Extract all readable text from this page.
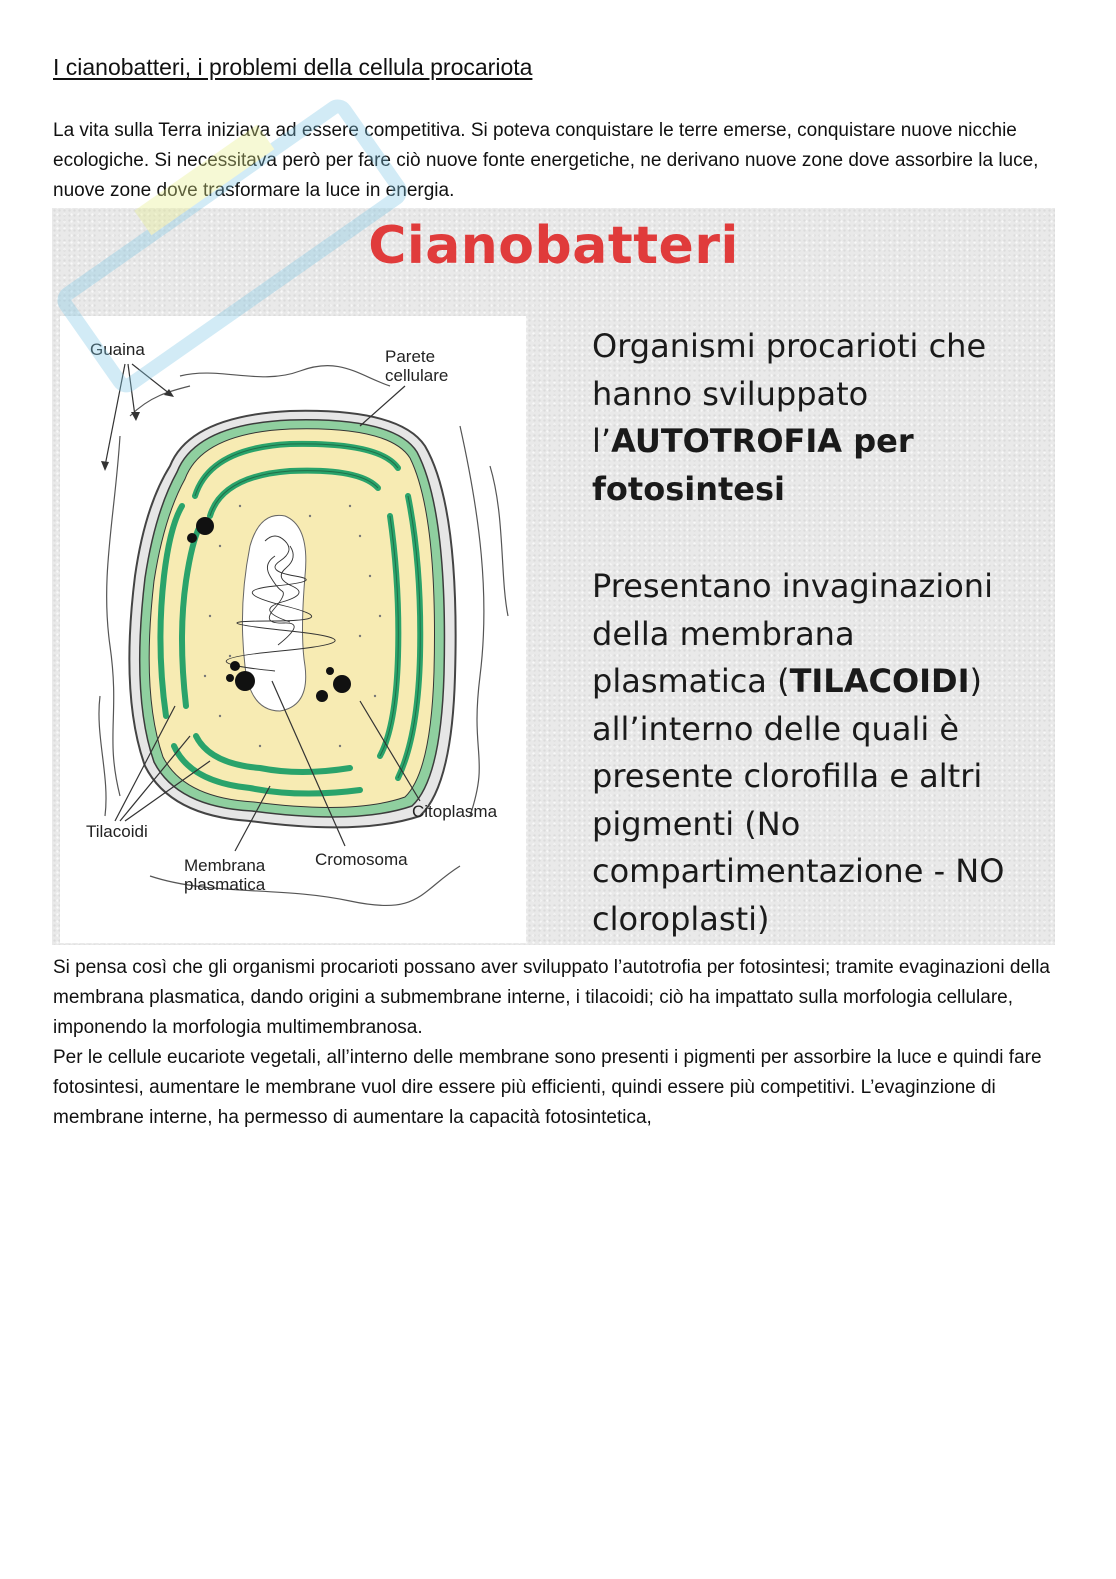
I cianobatteri, i problemi della cellula procariota

La vita sulla Terra iniziava ad essere competitiva. Si poteva conquistare le terre emerse, conquistare nuove nicchie ecologiche. Si necessitava però per fare ciò nuove fonte energetiche, ne derivano nuove zone dove assorbire la luce, nuove zone dove trasformare la luce in energia.

Cianobatteri
Guaina	Parete
cellulare
Citoplasma
Tilacoidi
Membrana
plasmatica
Cromosoma
Organismi procarioti che
hanno sviluppato
l’AUTOTROFIA per
fotosintesi
Presentano invaginazioni
della membrana
plasmatica (TILACOIDI)
all’interno delle quali è
presente clorofilla e altri
pigmenti (No
compartimentazione - NO
cloroplasti)

Si pensa così che gli organismi procarioti possano aver sviluppato l’autotrofia per fotosintesi; tramite evaginazioni della membrana plasmatica, dando origini a submembrane interne, i tilacoidi; ciò ha impattato sulla morfologia cellulare, imponendo la morfologia multimembranosa.

Per le cellule eucariote vegetali, all’interno delle membrane sono presenti i pigmenti per assorbire la luce e quindi fare fotosintesi, aumentare le membrane vuol dire essere più efficienti, quindi essere più competitivi. L’evaginzione di membrane interne, ha permesso di aumentare la capacità fotosintetica,
